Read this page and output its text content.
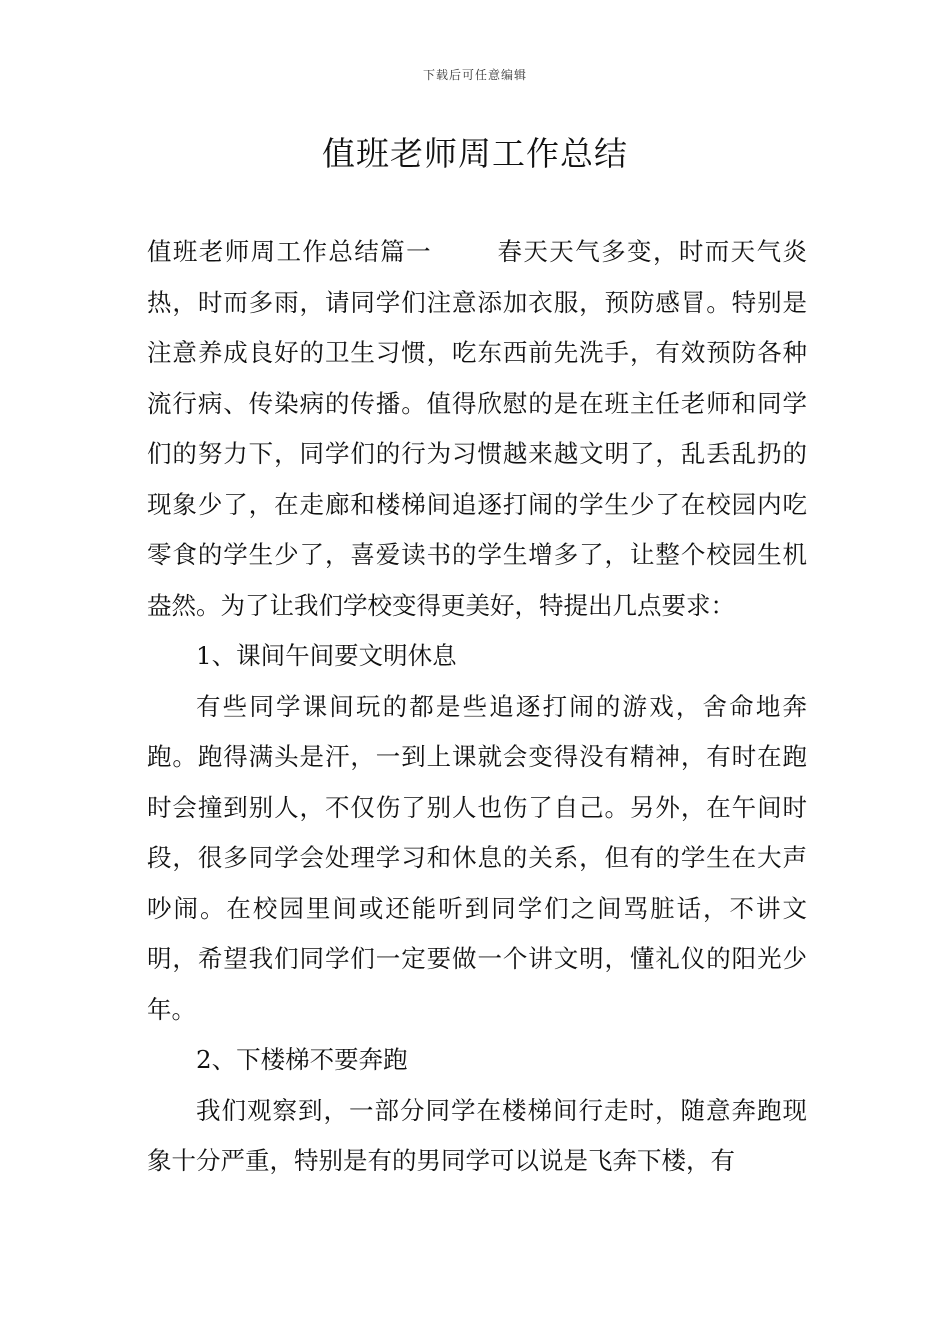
下载后可任意编辑
值班老师周工作总结

值班老师周工作总结篇一	春天天气多变，时而天气炎热，时而多雨，请同学们注意添加衣服，预防感冒。特别是注意养成良好的卫生习惯，吃东西前先洗手，有效预防各种流行病、传染病的传播。值得欣慰的是在班主任老师和同学们的努力下，同学们的行为习惯越来越文明了，乱丢乱扔的现象少了，在走廊和楼梯间追逐打闹的学生少了在校园内吃零食的学生少了，喜爱读书的学生增多了，让整个校园生机盎然。为了让我们学校变得更美好，特提出几点要求：

1、课间午间要文明休息

有些同学课间玩的都是些追逐打闹的游戏，舍命地奔跑。跑得满头是汗，一到上课就会变得没有精神，有时在跑时会撞到别人，不仅伤了别人也伤了自己。另外，在午间时段，很多同学会处理学习和休息的关系，但有的学生在大声吵闹。在校园里间或还能听到同学们之间骂脏话，不讲文明，希望我们同学们一定要做一个讲文明，懂礼仪的阳光少年。

2、下楼梯不要奔跑

我们观察到，一部分同学在楼梯间行走时，随意奔跑现象十分严重，特别是有的男同学可以说是飞奔下楼，有
